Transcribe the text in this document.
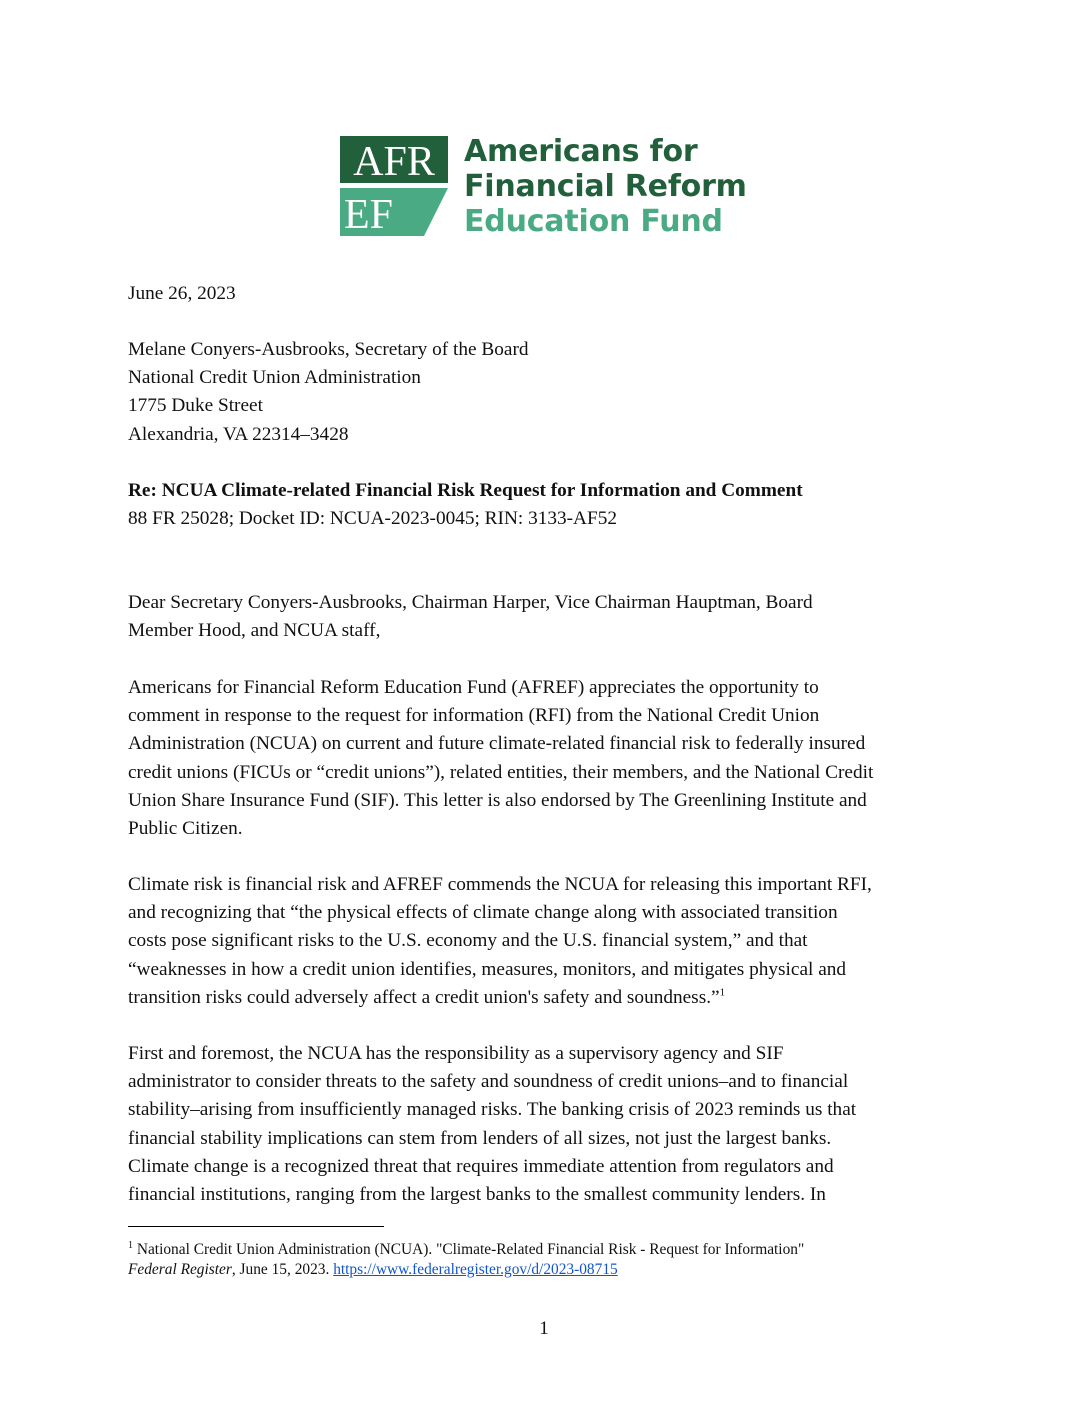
AFR
EF
Americans for
Financial Reform
Education Fund

June 26, 2023

Melane Conyers-Ausbrooks, Secretary of the Board

National Credit Union Administration

1775 Duke Street

Alexandria, VA 22314–3428

Re: NCUA Climate-related Financial Risk Request for Information and Comment

88 FR 25028; Docket ID: NCUA-2023-0045; RIN: 3133-AF52

Dear Secretary Conyers-Ausbrooks, Chairman Harper, Vice Chairman Hauptman, Board

Member Hood, and NCUA staff,

Americans for Financial Reform Education Fund (AFREF) appreciates the opportunity to

comment in response to the request for information (RFI) from the National Credit Union

Administration (NCUA) on current and future climate-related financial risk to federally insured

credit unions (FICUs or “credit unions”), related entities, their members, and the National Credit

Union Share Insurance Fund (SIF). This letter is also endorsed by The Greenlining Institute and

Public Citizen.

Climate risk is financial risk and AFREF commends the NCUA for releasing this important RFI,

and recognizing that “the physical effects of climate change along with associated transition

costs pose significant risks to the U.S. economy and the U.S. financial system,” and that

“weaknesses in how a credit union identifies, measures, monitors, and mitigates physical and

transition risks could adversely affect a credit union's safety and soundness.”$^1$

First and foremost, the NCUA has the responsibility as a supervisory agency and SIF

administrator to consider threats to the safety and soundness of credit unions–and to financial

stability–arising from insufficiently managed risks. The banking crisis of 2023 reminds us that

financial stability implications can stem from lenders of all sizes, not just the largest banks.

Climate change is a recognized threat that requires immediate attention from regulators and

financial institutions, ranging from the largest banks to the smallest community lenders. In

$^1$ National Credit Union Administration (NCUA). "Climate-Related Financial Risk - Request for Information"
Federal Register, June 15, 2023. https://www.federalregister.gov/d/2023-08715
1
